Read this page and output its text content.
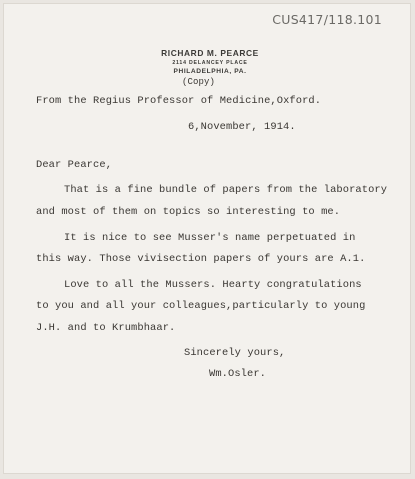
CUS417/118.101
RICHARD M. PEARCE
2114 DELANCEY PLACE
PHILADELPHIA, PA.
(Copy)
From the Regius Professor of Medicine,Oxford.
6,November, 1914.
Dear Pearce,
That is a fine bundle of papers from the laboratory
and most of them on topics so interesting to me.
It is nice to see Musser's name perpetuated in
this way. Those vivisection papers of yours are A.1.
Love to all the Mussers. Hearty congratulations
to you and all your colleagues,particularly to young
J.H. and to Krumbhaar.
Sincerely yours,
Wm.Osler.
